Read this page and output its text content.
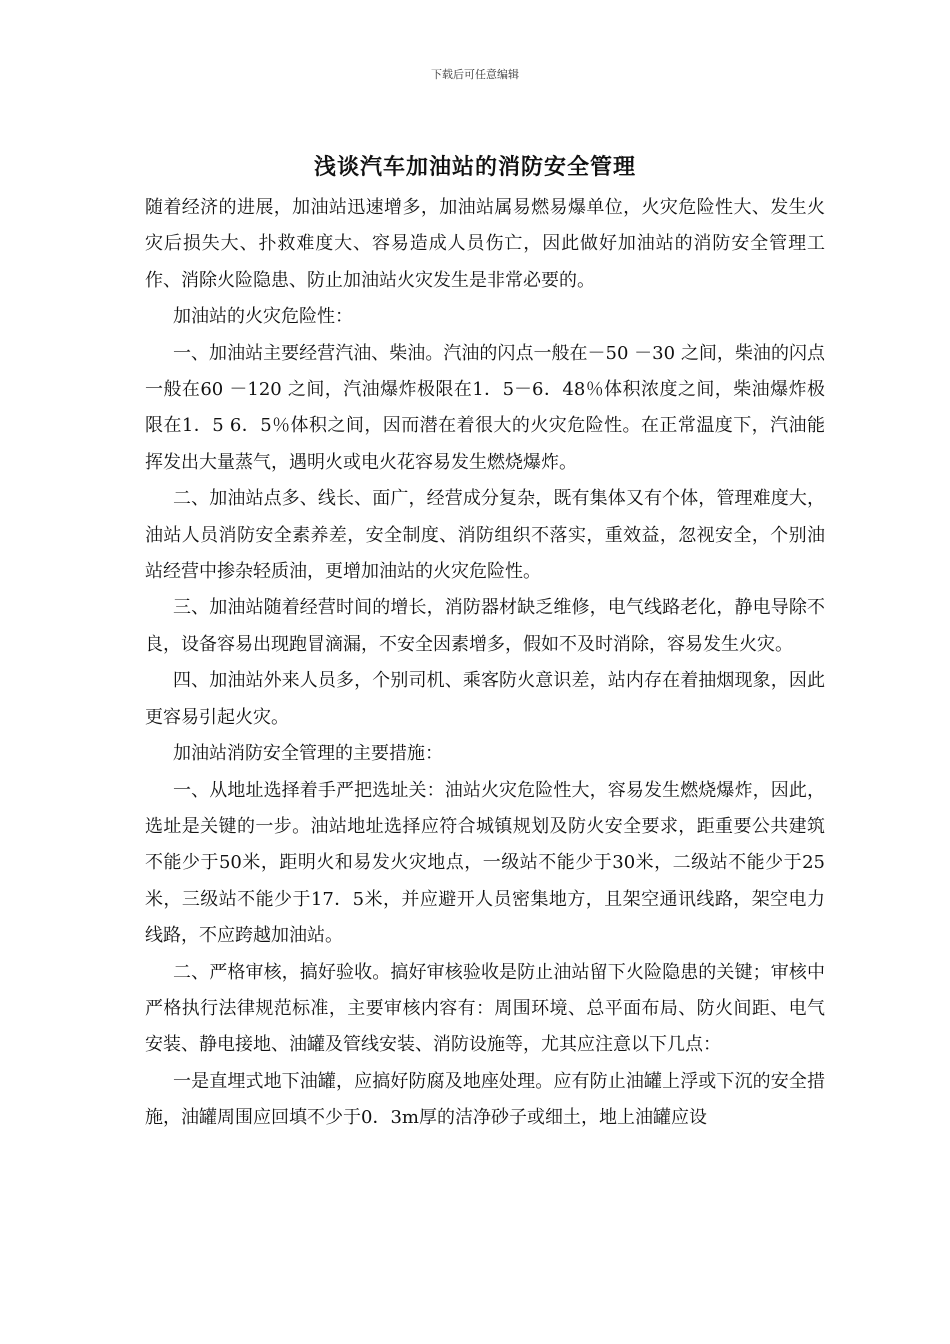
下载后可任意编辑
浅谈汽车加油站的消防安全管理

随着经济的进展，加油站迅速增多，加油站属易燃易爆单位，火灾危险性大、发生火灾后损失大、扑救难度大、容易造成人员伤亡，因此做好加油站的消防安全管理工作、消除火险隐患、防止加油站火灾发生是非常必要的。

加油站的火灾危险性：

一、加油站主要经营汽油、柴油。汽油的闪点一般在－50 －30 之间，柴油的闪点一般在60 －120 之间，汽油爆炸极限在1．5－6．48％体积浓度之间，柴油爆炸极限在1．5 6．5％体积之间，因而潜在着很大的火灾危险性。在正常温度下，汽油能挥发出大量蒸气，遇明火或电火花容易发生燃烧爆炸。

二、加油站点多、线长、面广，经营成分复杂，既有集体又有个体，管理难度大，油站人员消防安全素养差，安全制度、消防组织不落实，重效益，忽视安全，个别油站经营中掺杂轻质油，更增加油站的火灾危险性。

三、加油站随着经营时间的增长，消防器材缺乏维修，电气线路老化，静电导除不良，设备容易出现跑冒滴漏，不安全因素增多，假如不及时消除，容易发生火灾。

四、加油站外来人员多，个别司机、乘客防火意识差，站内存在着抽烟现象，因此更容易引起火灾。

加油站消防安全管理的主要措施：

一、从地址选择着手严把选址关：油站火灾危险性大，容易发生燃烧爆炸，因此，选址是关键的一步。油站地址选择应符合城镇规划及防火安全要求，距重要公共建筑不能少于50米，距明火和易发火灾地点，一级站不能少于30米，二级站不能少于25米，三级站不能少于17．5米，并应避开人员密集地方，且架空通讯线路，架空电力线路，不应跨越加油站。

二、严格审核，搞好验收。搞好审核验收是防止油站留下火险隐患的关键；审核中严格执行法律规范标准，主要审核内容有：周围环境、总平面布局、防火间距、电气安装、静电接地、油罐及管线安装、消防设施等，尤其应注意以下几点：

一是直埋式地下油罐，应搞好防腐及地座处理。应有防止油罐上浮或下沉的安全措施，油罐周围应回填不少于0．3m厚的洁净砂子或细土，地上油罐应设
